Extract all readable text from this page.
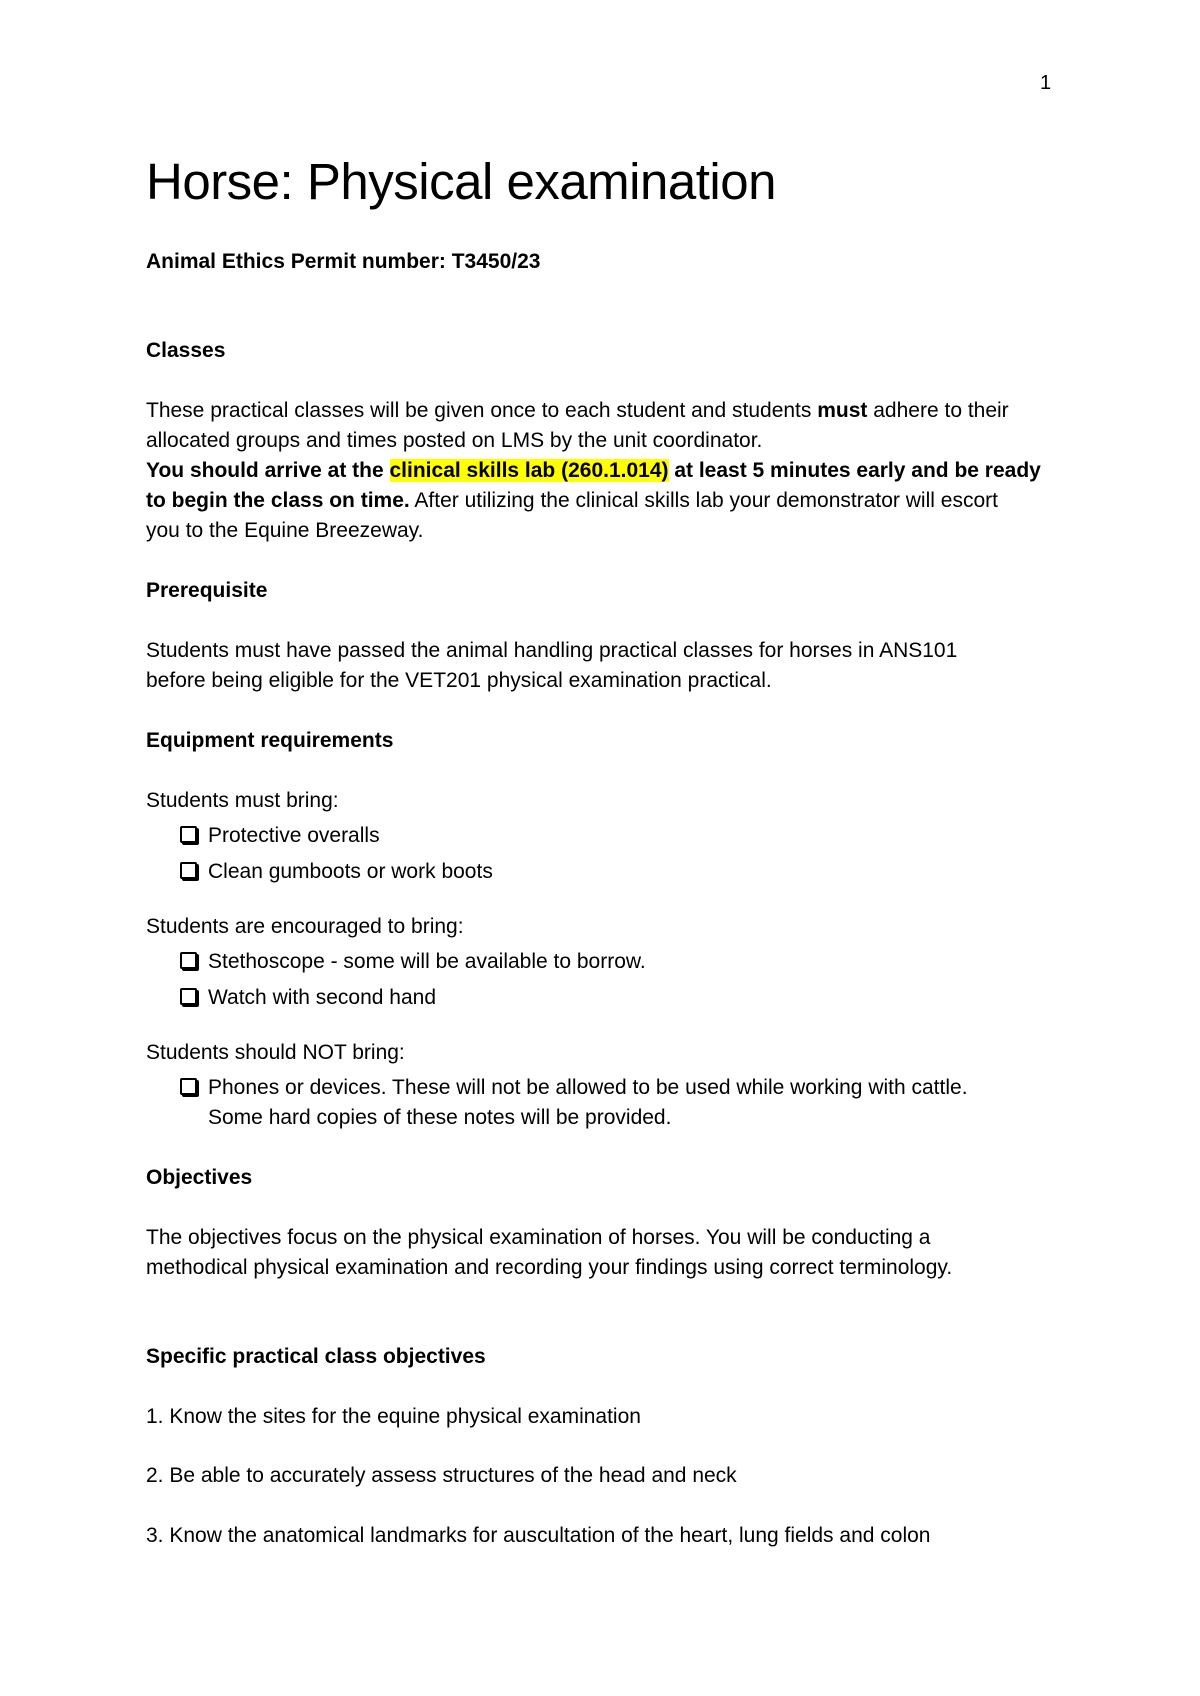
1
Horse: Physical examination
Animal Ethics Permit number: T3450/23
Classes
These practical classes will be given once to each student and students must adhere to their
allocated groups and times posted on LMS by the unit coordinator.
You should arrive at the clinical skills lab (260.1.014) at least 5 minutes early and be ready
to begin the class on time. After utilizing the clinical skills lab your demonstrator will escort
you to the Equine Breezeway.
Prerequisite
Students must have passed the animal handling practical classes for horses in ANS101
before being eligible for the VET201 physical examination practical.
Equipment requirements
Students must bring:
Protective overalls
Clean gumboots or work boots
Students are encouraged to bring:
Stethoscope - some will be available to borrow.
Watch with second hand
Students should NOT bring:
Phones or devices. These will not be allowed to be used while working with cattle.
Some hard copies of these notes will be provided.
Objectives
The objectives focus on the physical examination of horses. You will be conducting a
methodical physical examination and recording your findings using correct terminology.
Specific practical class objectives
1. Know the sites for the equine physical examination
2. Be able to accurately assess structures of the head and neck
3. Know the anatomical landmarks for auscultation of the heart, lung fields and colon
